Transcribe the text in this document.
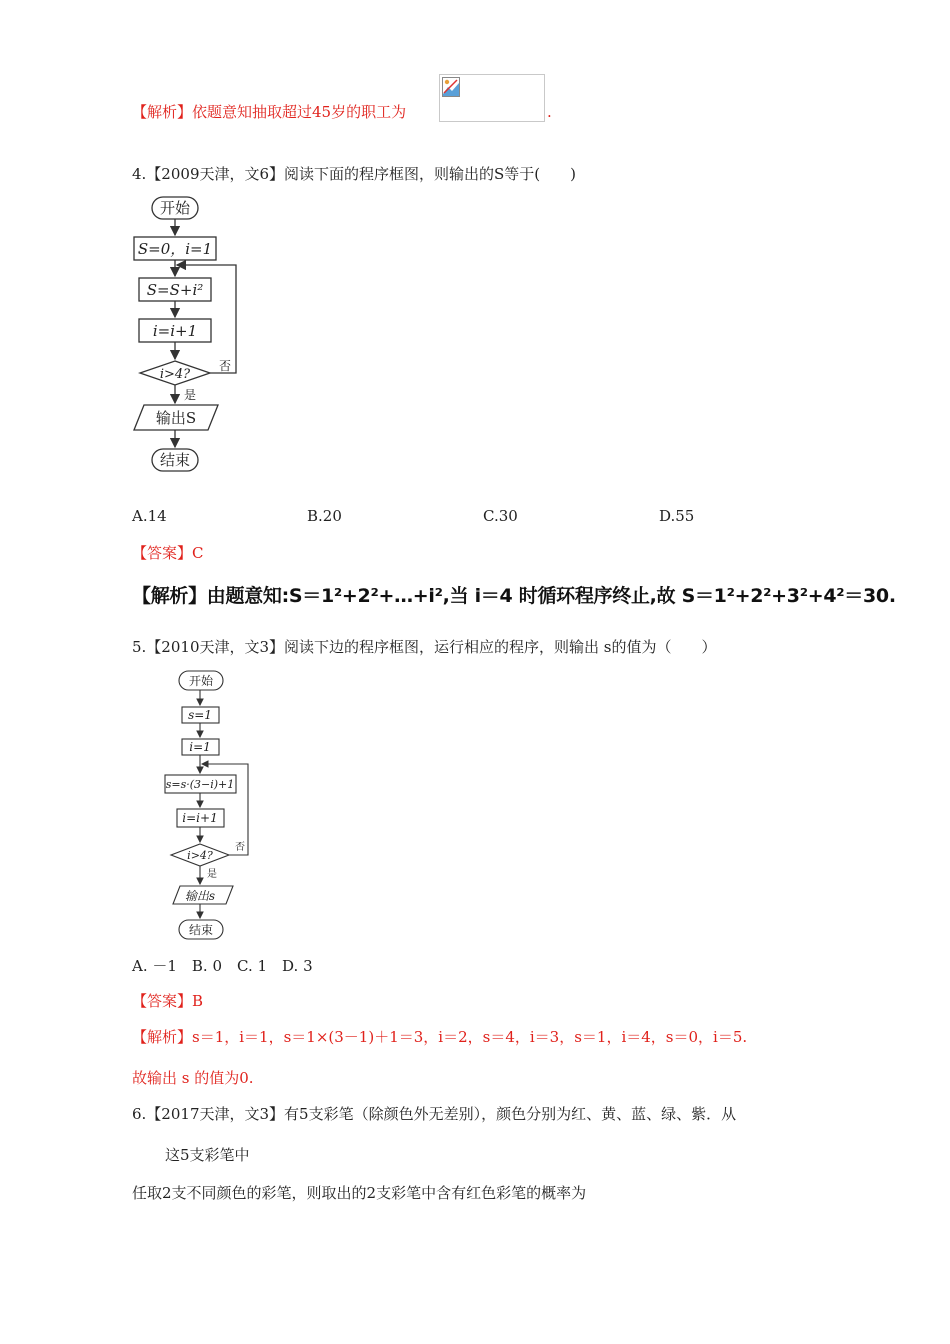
【解析】依题意知抽取超过45岁的职工为	.
4.【2009天津，文6】阅读下面的程序框图，则输出的S等于(　　)
开始
S=0，i=1
S=S+i²
i=i+1
i>4?
输出S
结束
否
是
A.14	B.20	C.30	D.55
【答案】C
【解析】由题意知:S＝1²+2²+…+i²,当 i＝4 时循环程序终止,故 S＝1²+2²+3²+4²＝30.
5.【2010天津，文3】阅读下边的程序框图，运行相应的程序，则输出 s的值为（　　）
开始
s=1
i=1
s=s·(3−i)+1
i=i+1
i>4?
输出s
结束
否
是
A. －1　B. 0　C. 1　D. 3
【答案】B
【解析】s＝1，i＝1，s＝1×(3－1)＋1＝3，i＝2，s＝4，i＝3，s＝1，i＝4，s＝0，i＝5.
故输出 s 的值为0.
6.【2017天津，文3】有5支彩笔（除颜色外无差别），颜色分别为红、黄、蓝、绿、紫．从
这5支彩笔中
任取2支不同颜色的彩笔，则取出的2支彩笔中含有红色彩笔的概率为
